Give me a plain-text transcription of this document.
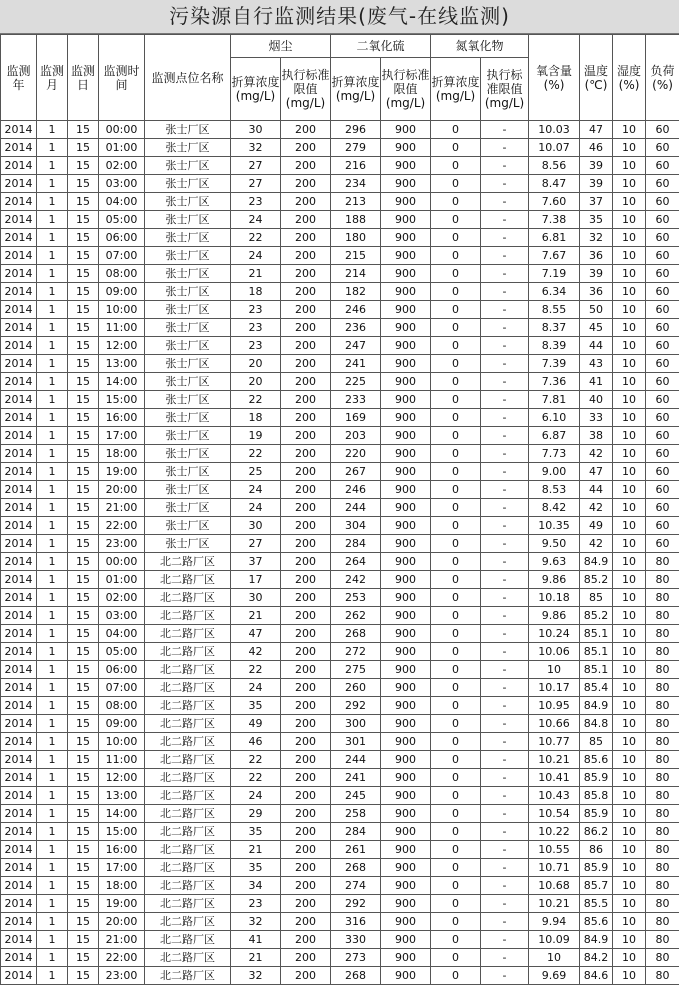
污染源自行监测结果(废气-在线监测)
监测年	监测月	监测日	监测时间	监测点位名称	烟尘		二氧化硫		氮氧化物		氧含量(%)	温度(℃)	湿度(%)	负荷(%)
					折算浓度(mg/L)	执行标准限值(mg/L)	折算浓度(mg/L)	执行标准限值(mg/L)	折算浓度(mg/L)	执行标准限值(mg/L)				
2014	1	15	00:00	张士厂区	30	200	296	900	0	-	10.03	47	10	60
2014	1	15	01:00	张士厂区	32	200	279	900	0	-	10.07	46	10	60
2014	1	15	02:00	张士厂区	27	200	216	900	0	-	8.56	39	10	60
2014	1	15	03:00	张士厂区	27	200	234	900	0	-	8.47	39	10	60
2014	1	15	04:00	张士厂区	23	200	213	900	0	-	7.60	37	10	60
2014	1	15	05:00	张士厂区	24	200	188	900	0	-	7.38	35	10	60
2014	1	15	06:00	张士厂区	22	200	180	900	0	-	6.81	32	10	60
2014	1	15	07:00	张士厂区	24	200	215	900	0	-	7.67	36	10	60
2014	1	15	08:00	张士厂区	21	200	214	900	0	-	7.19	39	10	60
2014	1	15	09:00	张士厂区	18	200	182	900	0	-	6.34	36	10	60
2014	1	15	10:00	张士厂区	23	200	246	900	0	-	8.55	50	10	60
2014	1	15	11:00	张士厂区	23	200	236	900	0	-	8.37	45	10	60
2014	1	15	12:00	张士厂区	23	200	247	900	0	-	8.39	44	10	60
2014	1	15	13:00	张士厂区	20	200	241	900	0	-	7.39	43	10	60
2014	1	15	14:00	张士厂区	20	200	225	900	0	-	7.36	41	10	60
2014	1	15	15:00	张士厂区	22	200	233	900	0	-	7.81	40	10	60
2014	1	15	16:00	张士厂区	18	200	169	900	0	-	6.10	33	10	60
2014	1	15	17:00	张士厂区	19	200	203	900	0	-	6.87	38	10	60
2014	1	15	18:00	张士厂区	22	200	220	900	0	-	7.73	42	10	60
2014	1	15	19:00	张士厂区	25	200	267	900	0	-	9.00	47	10	60
2014	1	15	20:00	张士厂区	24	200	246	900	0	-	8.53	44	10	60
2014	1	15	21:00	张士厂区	24	200	244	900	0	-	8.42	42	10	60
2014	1	15	22:00	张士厂区	30	200	304	900	0	-	10.35	49	10	60
2014	1	15	23:00	张士厂区	27	200	284	900	0	-	9.50	42	10	60
2014	1	15	00:00	北二路厂区	37	200	264	900	0	-	9.63	84.9	10	80
2014	1	15	01:00	北二路厂区	17	200	242	900	0	-	9.86	85.2	10	80
2014	1	15	02:00	北二路厂区	30	200	253	900	0	-	10.18	85	10	80
2014	1	15	03:00	北二路厂区	21	200	262	900	0	-	9.86	85.2	10	80
2014	1	15	04:00	北二路厂区	47	200	268	900	0	-	10.24	85.1	10	80
2014	1	15	05:00	北二路厂区	42	200	272	900	0	-	10.06	85.1	10	80
2014	1	15	06:00	北二路厂区	22	200	275	900	0	-	10	85.1	10	80
2014	1	15	07:00	北二路厂区	24	200	260	900	0	-	10.17	85.4	10	80
2014	1	15	08:00	北二路厂区	35	200	292	900	0	-	10.95	84.9	10	80
2014	1	15	09:00	北二路厂区	49	200	300	900	0	-	10.66	84.8	10	80
2014	1	15	10:00	北二路厂区	46	200	301	900	0	-	10.77	85	10	80
2014	1	15	11:00	北二路厂区	22	200	244	900	0	-	10.21	85.6	10	80
2014	1	15	12:00	北二路厂区	22	200	241	900	0	-	10.41	85.9	10	80
2014	1	15	13:00	北二路厂区	24	200	245	900	0	-	10.43	85.8	10	80
2014	1	15	14:00	北二路厂区	29	200	258	900	0	-	10.54	85.9	10	80
2014	1	15	15:00	北二路厂区	35	200	284	900	0	-	10.22	86.2	10	80
2014	1	15	16:00	北二路厂区	21	200	261	900	0	-	10.55	86	10	80
2014	1	15	17:00	北二路厂区	35	200	268	900	0	-	10.71	85.9	10	80
2014	1	15	18:00	北二路厂区	34	200	274	900	0	-	10.68	85.7	10	80
2014	1	15	19:00	北二路厂区	23	200	292	900	0	-	10.21	85.5	10	80
2014	1	15	20:00	北二路厂区	32	200	316	900	0	-	9.94	85.6	10	80
2014	1	15	21:00	北二路厂区	41	200	330	900	0	-	10.09	84.9	10	80
2014	1	15	22:00	北二路厂区	21	200	273	900	0	-	10	84.2	10	80
2014	1	15	23:00	北二路厂区	32	200	268	900	0	-	9.69	84.6	10	80
